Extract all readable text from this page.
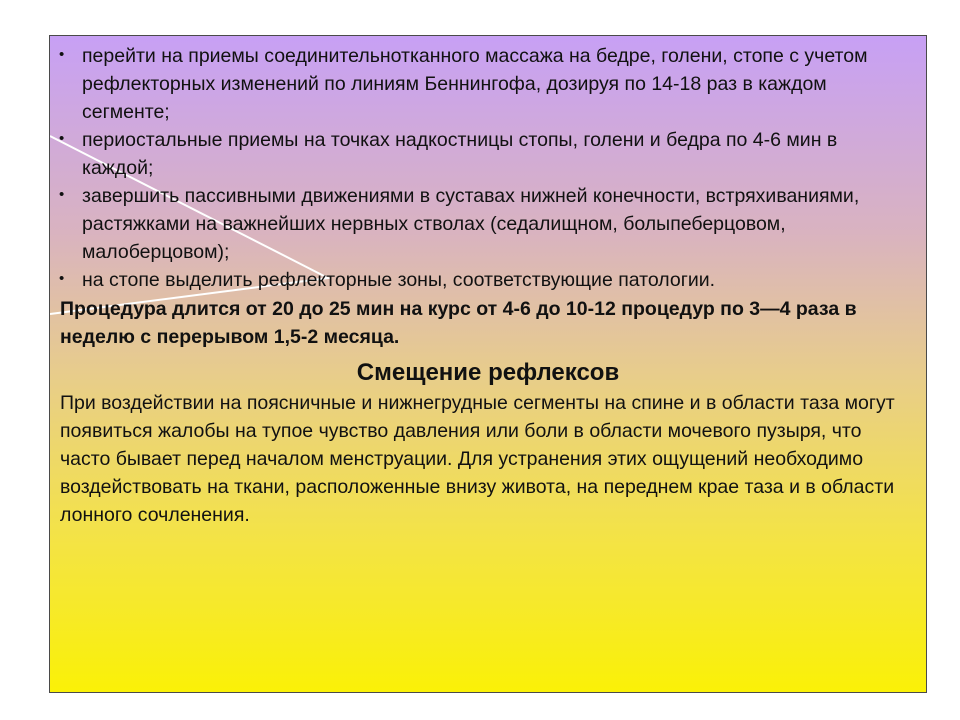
• перейти на приемы соединительнотканного массажа на бедре, голени, стопе с учетом рефлекторных изменений по линиям Беннингофа, дозируя по 14-18 раз в каждом сегменте;
• периостальные приемы на точках надкостницы стопы, голени и бедра по 4-6 мин в каждой;
• завершить пассивными движениями в суставах нижней конечности, встряхиваниями, растяжками на важнейших нервных стволах (седалищном, болыпеберцовом, малоберцовом);
• на стопе выделить рефлекторные зоны, соответствующие патологии.

Процедура длится от 20 до 25 мин на курс от 4-6 до 10-12 процедур по 3—4 раза в неделю с перерывом 1,5-2 месяца.

Смещение рефлексов

При воздействии на поясничные и нижнегрудные сегменты на спине и в области таза могут появиться жалобы на тупое чувство давления или боли в области мочевого пузыря, что часто бывает перед началом менструации. Для устранения этих ощущений необходимо воздействовать на ткани, расположенные внизу живота, на переднем крае таза и в области лонного сочленения.
